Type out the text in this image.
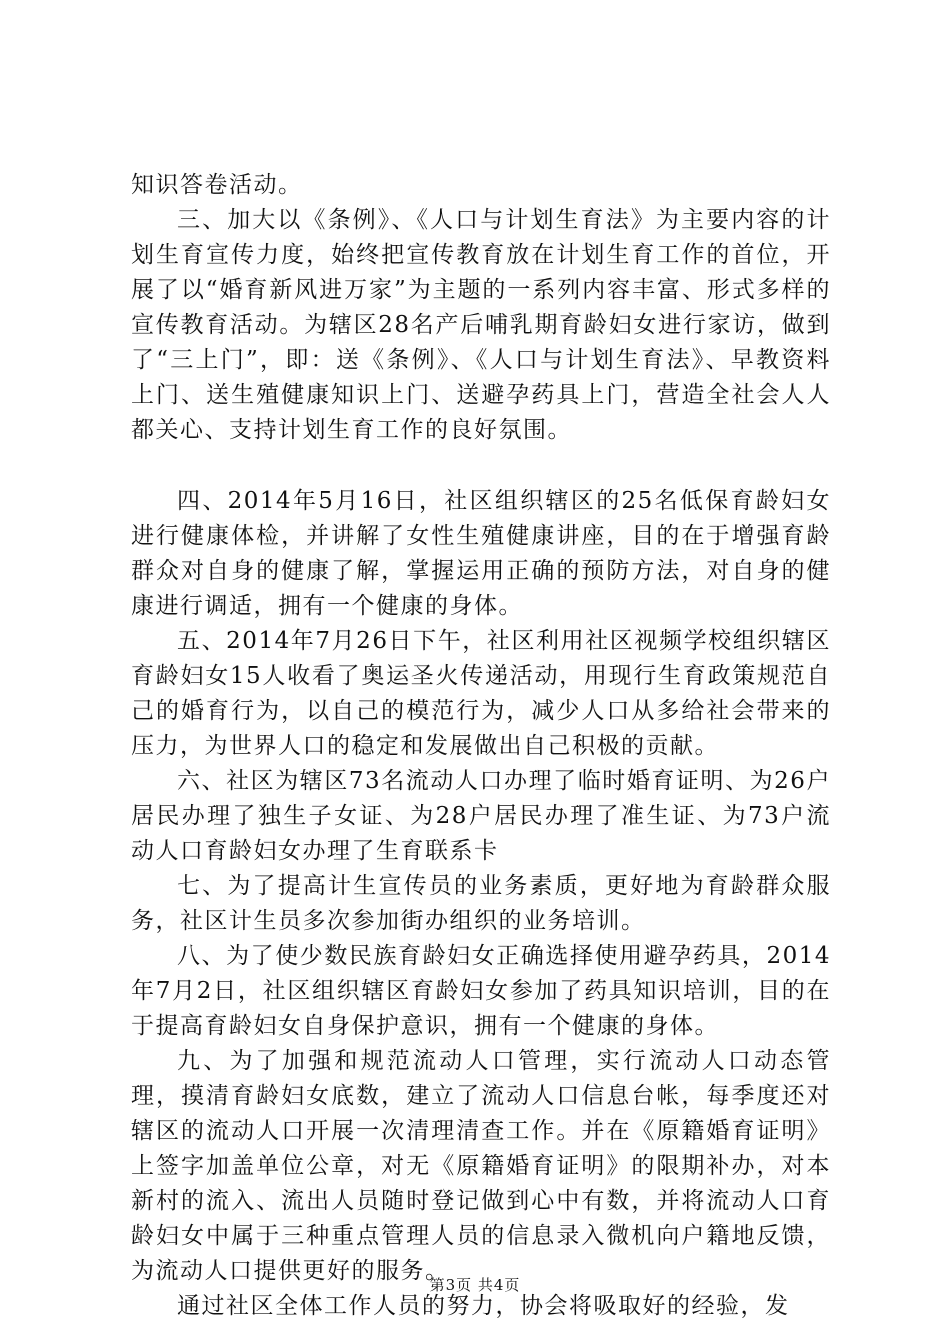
知识答卷活动。

三、加大以《条例》、《人口与计划生育法》为主要内容的计划生育宣传力度，始终把宣传教育放在计划生育工作的首位，开展了以“婚育新风进万家”为主题的一系列内容丰富、形式多样的宣传教育活动。为辖区28名产后哺乳期育龄妇女进行家访，做到了“三上门”，即：送《条例》、《人口与计划生育法》、早教资料上门、送生殖健康知识上门、送避孕药具上门，营造全社会人人都关心、支持计划生育工作的良好氛围。

四、2014年5月16日，社区组织辖区的25名低保育龄妇女进行健康体检，并讲解了女性生殖健康讲座，目的在于增强育龄群众对自身的健康了解，掌握运用正确的预防方法，对自身的健康进行调适，拥有一个健康的身体。

五、2014年7月26日下午，社区利用社区视频学校组织辖区育龄妇女15人收看了奥运圣火传递活动，用现行生育政策规范自己的婚育行为，以自己的模范行为，减少人口从多给社会带来的压力，为世界人口的稳定和发展做出自己积极的贡献。

六、社区为辖区73名流动人口办理了临时婚育证明、为26户居民办理了独生子女证、为28户居民办理了准生证、为73户流动人口育龄妇女办理了生育联系卡

七、为了提高计生宣传员的业务素质，更好地为育龄群众服务，社区计生员多次参加街办组织的业务培训。

八、为了使少数民族育龄妇女正确选择使用避孕药具，2014年7月2日，社区组织辖区育龄妇女参加了药具知识培训，目的在于提高育龄妇女自身保护意识，拥有一个健康的身体。

九、为了加强和规范流动人口管理，实行流动人口动态管理，摸清育龄妇女底数，建立了流动人口信息台帐，每季度还对辖区的流动人口开展一次清理清查工作。并在《原籍婚育证明》上签字加盖单位公章，对无《原籍婚育证明》的限期补办，对本新村的流入、流出人员随时登记做到心中有数，并将流动人口育龄妇女中属于三种重点管理人员的信息录入微机向户籍地反馈，为流动人口提供更好的服务。

通过社区全体工作人员的努力，协会将吸取好的经验，发

第3页 共4页
